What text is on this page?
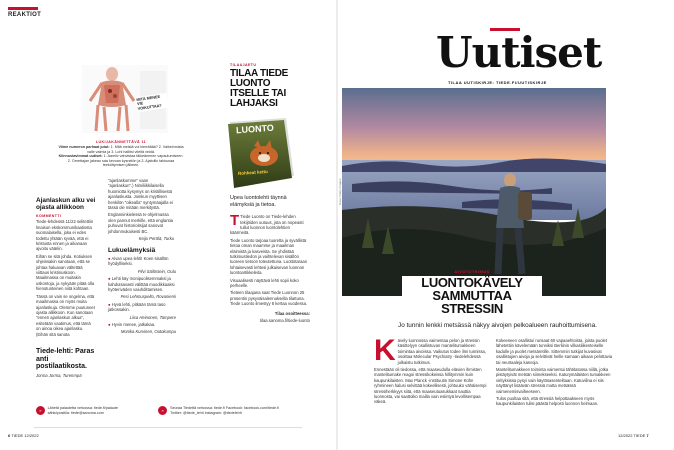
REAKTIOT
MITÄ MENEE VIE VOIKUTTAA?
LUKIJAKÄNNETTÄVÄ 11
Viime numeron parhaat jutut: 1. Mitä meistä voi kierrättää? 2. Vaikeinmista valle vaimia ja 3. Lohi hallitsi viieltä veidä.
Kiinnostavimmat uutiset: 1. Aamiiv vahvistaa täikeämmen vapautumiseen. 2. Ornettajan jakeau saa kevoan kysnelön ja 3. Ajatoillu tahkusaa teeköttymisen jälkeen.
Ajanlaskun alku vei ojasta allikkoon
KOMMENTTI

Tiede-lehdessä 11/22 selitettiin lmaisun ekskommunikaatiosta suomalaisella, joka ei edes todettu yhtään syvää, että ei kristusta ennen ja aikanaan ajvoitu vääriin.

Eihän se sitä johda. Kotiuksen ohjeissakin sanotaan, että se johtaa haluavan vältettää viittaus kristinuskoon. Maailmassa on muitakin uskontoja, ja nykyään pitää olla hienotunteinen niitä kohtaan.

Tässä on vain se ongelma, että maailmassa on myös muita ajanlaskuja. Olemme puutuneet ojasta allikkoon. Kun sanotaan "ennen ajanlaskun alkua", esitetään vaatimus, että tämä on ainoa oikea ajanlasku. (Eihän sitä sanota

Tiede-lehti: Paras anti postilaatikosta.
Jorma Jorma, Turenmpä

"ajanlaskumme" vaan "ajanlaskun".) Nimiliikkilaisella huomiotta kysymys on kristillisestä ajanlaskusta. Joinkun myyttisen henkilön "oikealla" syntymäajalla ei tässä ole mitään merkitystä.

Englanninkielessä tv-ohjelmassa olen pannut merkille, että englantia puhuvat historioitsijat sanovat johdonmukaisesti BC.

Keijo Perälä, Turku

Lukuelämyksiä

● Aivan upea lehti! Koen sisällön hyödylliseksi.

Pilvi Säilöstein, Oulu

● Lehti käy monipuolisemmaksi ja kahdutsavasti välittää muodikkaaksi hyöteriväden vaiuhdittamisen.

Pesi Lehmuspelto, Rovaniemi

● Hyvä lehti, pitkään tämä taso jatkossakin.

Liisa Heinonen, Tampere

● Hyvin menee, jatkakaa.

Monika Kurvinen, Outokumpu

TILAAJAETU
TILAA TIEDE LUONTO ITSELLE TAI LAHJAKSI
LUONTO
Rohkeat kettu
Upea luontolehti täynnä elämyksiä ja tietoa.

T Tiede Luonto on Tiede-lehden tekijöiden uutuus, jota on nopeasti tullut luonnon luontolehtien käärmeitä.

Tiede Luonto tarjoaa tuoretta ja syvällistä tietoa oman maamme ja maailman eläimistä ja kasveista. Se yhdistää tutkimustiedon ja vaihtelevan sisällön tuoreen tietoon toteutettuna. Luottotaraan lohtaisevasti lehtesi julkaisevan luonnon luontoartikkeleita.

Visuaalisesti näyttävä lehti sopii koko perheelle.

Tieteen tilaajana saat Tiede Luonnon 25 prosentin pysyväisalennuksella tilattuna. Tiede Luonto ilmestyy 8 kertaa vuodessa.

Tilaa osoitteessa:

tilaa.sanoma.fi/tiede-luonto

»
Lähetä palautetta verkossa: tiede.fi/palaute sähköpostilla: tiede@sanoma.com	»
Seuraa Tiedettä verkossa: tiede.fi Facebook: facebook.com/tiede.fi Twitter: @tiede_lehti Instagram: @tiedelehti
6 TIEDE 12/2022
Uutiset
TILAA UUTISKIRJE: TIEDE.FI/UUTISKIRJE
Kuva: Getty Images
AIVOTUTKIMUS
LUONTOKÄVELY
SAMMUTTAA STRESSIN
Jo tunnin lenkki metsässä näkyy aivojen pelkoalueen rauhoittumisena.

Kävely luonnossa vaimentaa pelon ja stressin käsittelyyn osallistuvan mantelitumakkeen toimintaa aivoissa. Vaikutus todee ilmi tunnissa, osoittaa Molecular Psychiatry -tiedelehdessä julkaistu tutkimus.

Ennestään oli tiedossa, että maaseudulla elävien ihmisten mantelitumake reagoi stressikokeissa hillitymmin kuin kaupunkilaisten. Max Planck -instituutin Simone Kühn ryhmineen halusi selvittää kokeellisesti, johtuuko vähäisempi stressiherkkyys siitä, että maaseutuasukkaat nauttia luonnosta, vai saattoiko mailla vain esiintyä levollisempaa väkeä.

Kokeeseen osallistui runsaat 60 vapaaehtoista, joista puolet lähetettiin kävelemään tunniksi Berliinin vilkasliikenteiselle kadulle ja puolet metsäretille. Sittemmin tutkijat kuvasivat osallistujien aivoja ja selvittivät heille samaan aikaan pelottavia tai neutraaleja kasvoja.

Mantelitumakkeen toiminta vaimentui tähtitatossa niillä, jotka pistäytyivät metsän siimekseeksi. Katurymäläisten tumakkeen virityksissa pysyi vain käytösasenteiltaan. Katuvilina ei siis näyttänyt lisäävän stressiä mutta metsässä vaimenemisvaiheeseen.

Tulos puoltaa sitä, että stressiä helpottaakseen myös kaupunkilaisten tulisi päästä helposti luonnon helmaan.

12/2022 TIEDE 7
